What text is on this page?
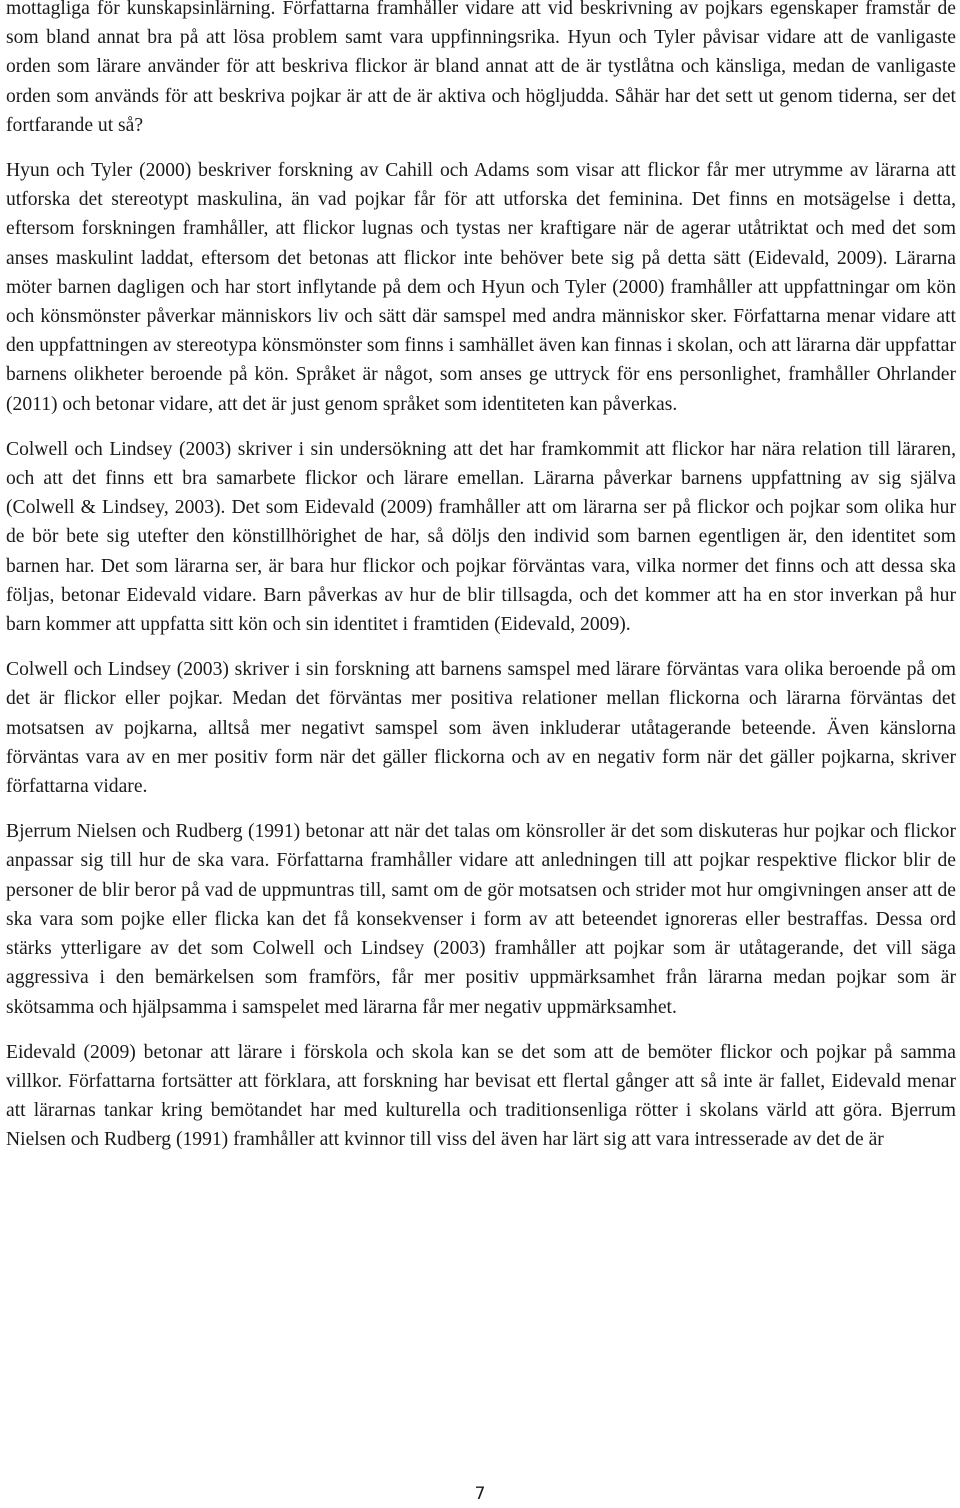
mottagliga för kunskapsinlärning. Författarna framhåller vidare att vid beskrivning av pojkars egenskaper framstår de som bland annat bra på att lösa problem samt vara uppfinningsrika. Hyun och Tyler påvisar vidare att de vanligaste orden som lärare använder för att beskriva flickor är bland annat att de är tystlåtna och känsliga, medan de vanligaste orden som används för att beskriva pojkar är att de är aktiva och högljudda. Såhär har det sett ut genom tiderna, ser det fortfarande ut så?

Hyun och Tyler (2000) beskriver forskning av Cahill och Adams som visar att flickor får mer utrymme av lärarna att utforska det stereotypt maskulina, än vad pojkar får för att utforska det feminina. Det finns en motsägelse i detta, eftersom forskningen framhåller, att flickor lugnas och tystas ner kraftigare när de agerar utåtriktat och med det som anses maskulint laddat, eftersom det betonas att flickor inte behöver bete sig på detta sätt (Eidevald, 2009). Lärarna möter barnen dagligen och har stort inflytande på dem och Hyun och Tyler (2000) framhåller att uppfattningar om kön och könsmönster påverkar människors liv och sätt där samspel med andra människor sker. Författarna menar vidare att den uppfattningen av stereotypa könsmönster som finns i samhället även kan finnas i skolan, och att lärarna där uppfattar barnens olikheter beroende på kön. Språket är något, som anses ge uttryck för ens personlighet, framhåller Ohrlander (2011) och betonar vidare, att det är just genom språket som identiteten kan påverkas.

Colwell och Lindsey (2003) skriver i sin undersökning att det har framkommit att flickor har nära relation till läraren, och att det finns ett bra samarbete flickor och lärare emellan. Lärarna påverkar barnens uppfattning av sig själva (Colwell & Lindsey, 2003). Det som Eidevald (2009) framhåller att om lärarna ser på flickor och pojkar som olika hur de bör bete sig utefter den könstillhörighet de har, så döljs den individ som barnen egentligen är, den identitet som barnen har. Det som lärarna ser, är bara hur flickor och pojkar förväntas vara, vilka normer det finns och att dessa ska följas, betonar Eidevald vidare. Barn påverkas av hur de blir tillsagda, och det kommer att ha en stor inverkan på hur barn kommer att uppfatta sitt kön och sin identitet i framtiden (Eidevald, 2009).

Colwell och Lindsey (2003) skriver i sin forskning att barnens samspel med lärare förväntas vara olika beroende på om det är flickor eller pojkar. Medan det förväntas mer positiva relationer mellan flickorna och lärarna förväntas det motsatsen av pojkarna, alltså mer negativt samspel som även inkluderar utåtagerande beteende. Även känslorna förväntas vara av en mer positiv form när det gäller flickorna och av en negativ form när det gäller pojkarna, skriver författarna vidare.

Bjerrum Nielsen och Rudberg (1991) betonar att när det talas om könsroller är det som diskuteras hur pojkar och flickor anpassar sig till hur de ska vara. Författarna framhåller vidare att anledningen till att pojkar respektive flickor blir de personer de blir beror på vad de uppmuntras till, samt om de gör motsatsen och strider mot hur omgivningen anser att de ska vara som pojke eller flicka kan det få konsekvenser i form av att beteendet ignoreras eller bestraffas. Dessa ord stärks ytterligare av det som Colwell och Lindsey (2003) framhåller att pojkar som är utåtagerande, det vill säga aggressiva i den bemärkelsen som framförs, får mer positiv uppmärksamhet från lärarna medan pojkar som är skötsamma och hjälpsamma i samspelet med lärarna får mer negativ uppmärksamhet.

Eidevald (2009) betonar att lärare i förskola och skola kan se det som att de bemöter flickor och pojkar på samma villkor. Författarna fortsätter att förklara, att forskning har bevisat ett flertal gånger att så inte är fallet, Eidevald menar att lärarnas tankar kring bemötandet har med kulturella och traditionsenliga rötter i skolans värld att göra. Bjerrum Nielsen och Rudberg (1991) framhåller att kvinnor till viss del även har lärt sig att vara intresserade av det de är

7
